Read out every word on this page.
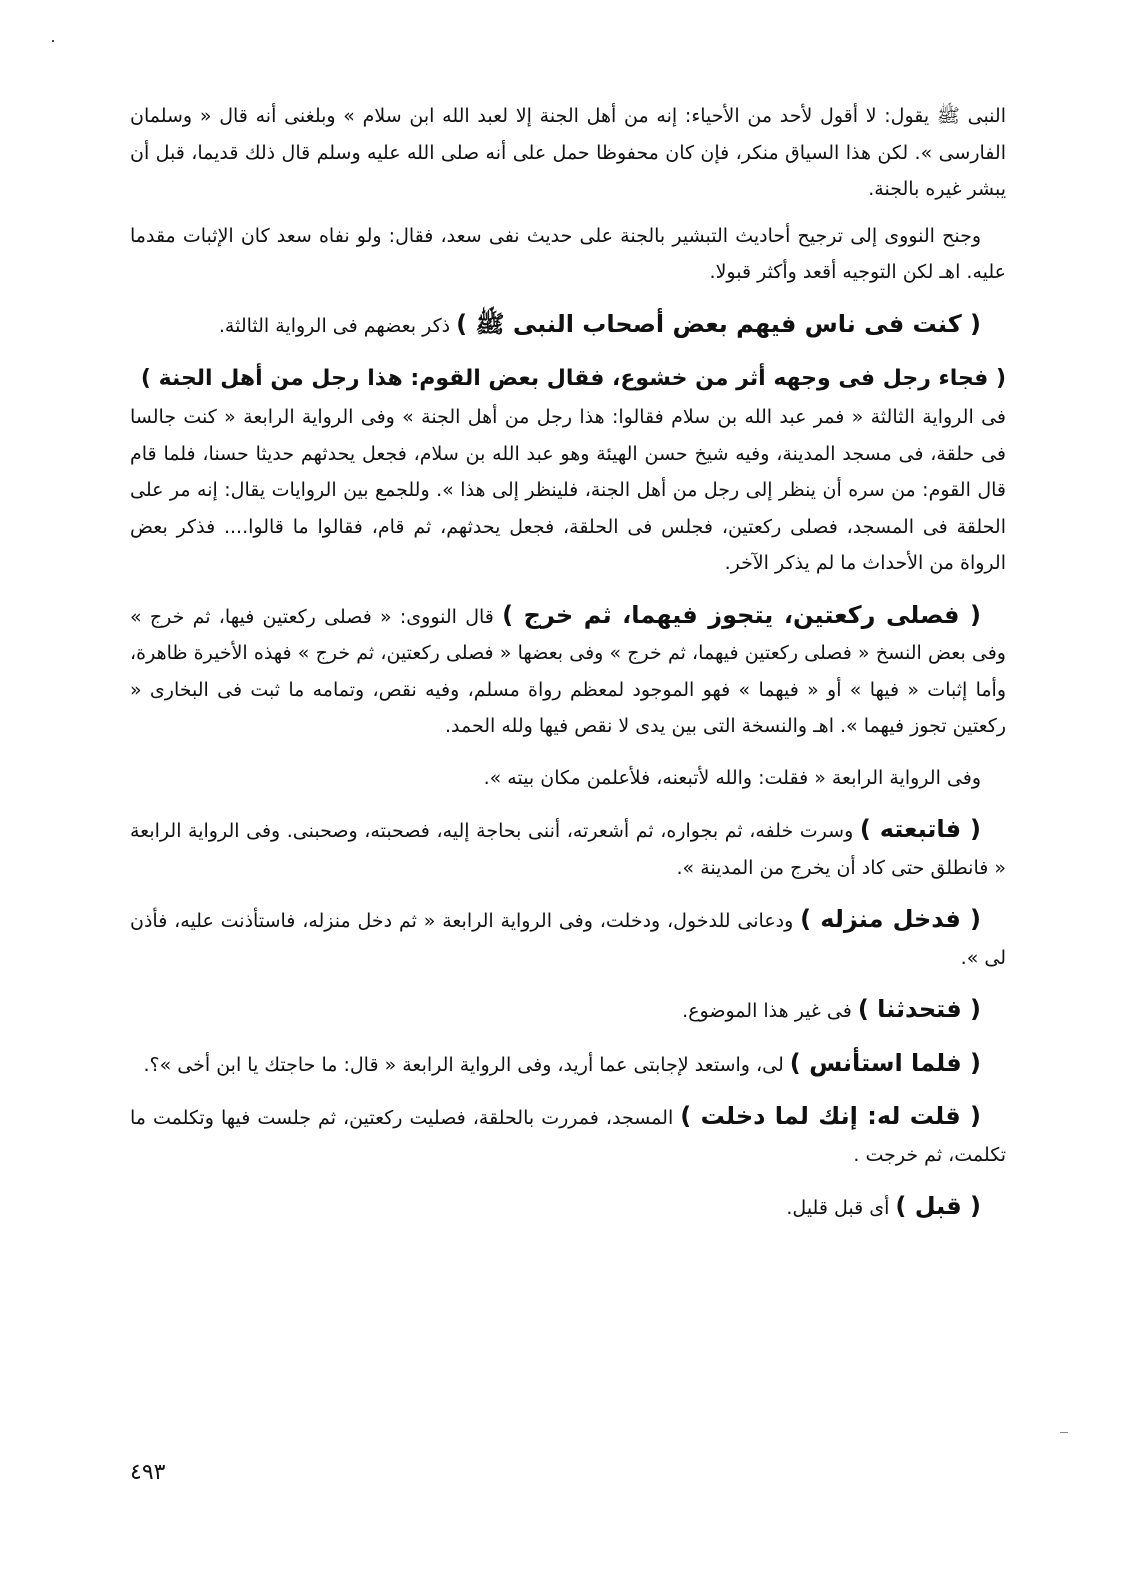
النبى ﷺ يقول: لا أقول لأحد من الأحياء: إنه من أهل الجنة إلا لعبد الله ابن سلام » وبلغنى أنه قال « وسلمان الفارسى ». لكن هذا السياق منكر، فإن كان محفوظا حمل على أنه صلى الله عليه وسلم قال ذلك قديما، قبل أن يبشر غيره بالجنة.

وجنح النووى إلى ترجيح أحاديث التبشير بالجنة على حديث نفى سعد، فقال: ولو نفاه سعد كان الإثبات مقدما عليه. اهـ لكن التوجيه أقعد وأكثر قبولا.

( كنت فى ناس فيهم بعض أصحاب النبى ﷺ ) ذكر بعضهم فى الرواية الثالثة.

( فجاء رجل فى وجهه أثر من خشوع، فقال بعض القوم: هذا رجل من أهل الجنة )

فى الرواية الثالثة « فمر عبد الله بن سلام فقالوا: هذا رجل من أهل الجنة » وفى الرواية الرابعة « كنت جالسا فى حلقة، فى مسجد المدينة، وفيه شيخ حسن الهيئة وهو عبد الله بن سلام، فجعل يحدثهم حديثا حسنا، فلما قام قال القوم: من سره أن ينظر إلى رجل من أهل الجنة، فلينظر إلى هذا ». وللجمع بين الروايات يقال: إنه مر على الحلقة فى المسجد، فصلى ركعتين، فجلس فى الحلقة، فجعل يحدثهم، ثم قام، فقالوا ما قالوا.... فذكر بعض الرواة من الأحداث ما لم يذكر الآخر.

( فصلى ركعتين، يتجوز فيهما، ثم خرج ) قال النووى: « فصلى ركعتين فيها، ثم خرج » وفى بعض النسخ « فصلى ركعتين فيهما، ثم خرج » وفى بعضها « فصلى ركعتين، ثم خرج » فهذه الأخيرة ظاهرة، وأما إثبات « فيها » أو « فيهما » فهو الموجود لمعظم رواة مسلم، وفيه نقص، وتمامه ما ثبت فى البخارى « ركعتين تجوز فيهما ». اهـ والنسخة التى بين يدى لا نقص فيها ولله الحمد.

وفى الرواية الرابعة « فقلت: والله لأتبعنه، فلأعلمن مكان بيته ».

( فاتبعته ) وسرت خلفه، ثم بجواره، ثم أشعرته، أننى بحاجة إليه، فصحبته، وصحبنى. وفى الرواية الرابعة « فانطلق حتى كاد أن يخرج من المدينة ».

( فدخل منزله ) ودعانى للدخول، ودخلت، وفى الرواية الرابعة « ثم دخل منزله، فاستأذنت عليه، فأذن لى ».

( فتحدثنا ) فى غير هذا الموضوع.

( فلما استأنس ) لى، واستعد لإجابتى عما أريد، وفى الرواية الرابعة « قال: ما حاجتك يا ابن أخى »؟.

( قلت له: إنك لما دخلت ) المسجد، فمررت بالحلقة، فصليت ركعتين، ثم جلست فيها وتكلمت ما تكلمت، ثم خرجت .

( قبل ) أى قبل قليل.

٤٩٣
